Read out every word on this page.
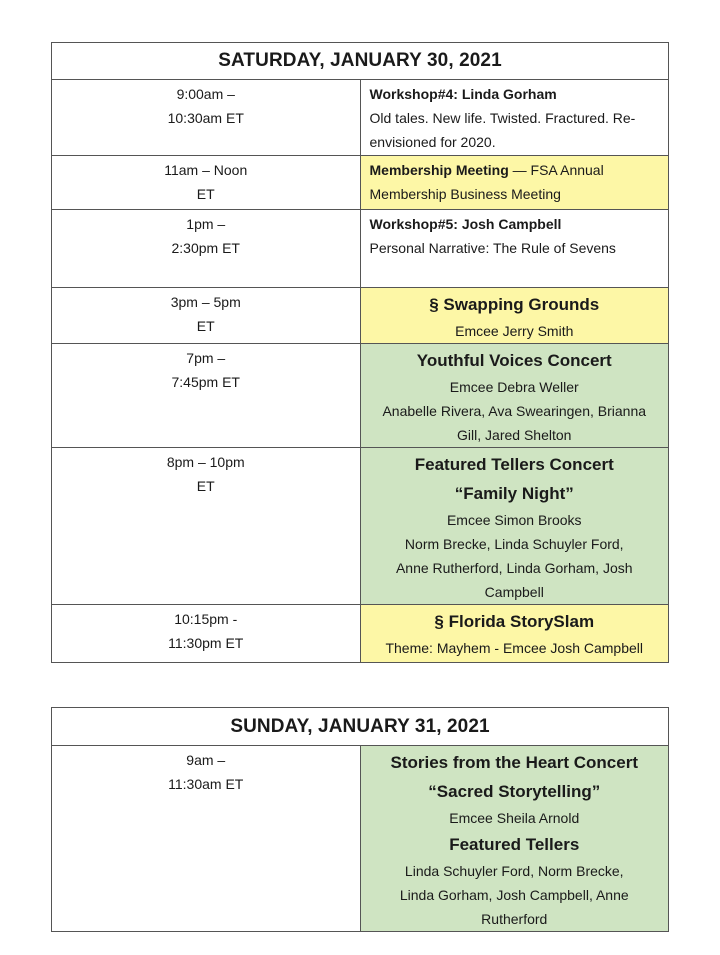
SATURDAY, JANUARY 30, 2021	

9:00am –
10:30am ET	Workshop#4: Linda Gorham
Old tales. New life. Twisted. Fractured. Re-envisioned for 2020.

11am – Noon
ET	Membership Meeting — FSA Annual Membership Business Meeting

1pm –
2:30pm ET	Workshop#5: Josh Campbell
Personal Narrative: The Rule of Sevens

3pm – 5pm
ET	§ Swapping Grounds
Emcee Jerry Smith

7pm –
7:45pm ET	Youthful Voices Concert
Emcee Debra Weller
Anabelle Rivera, Ava Swearingen, Brianna Gill, Jared Shelton

8pm – 10pm
ET	Featured Tellers Concert
“Family Night”
Emcee Simon Brooks
Norm Brecke, Linda Schuyler Ford,
Anne Rutherford, Linda Gorham, Josh Campbell

10:15pm -
11:30pm ET	§ Florida StorySlam
Theme: Mayhem - Emcee Josh Campbell
SUNDAY, JANUARY 31, 2021

9am –
11:30am ET

Stories from the Heart Concert
“Sacred Storytelling”
Emcee Sheila Arnold
Featured Tellers
Linda Schuyler Ford, Norm Brecke,
Linda Gorham, Josh Campbell, Anne Rutherford
